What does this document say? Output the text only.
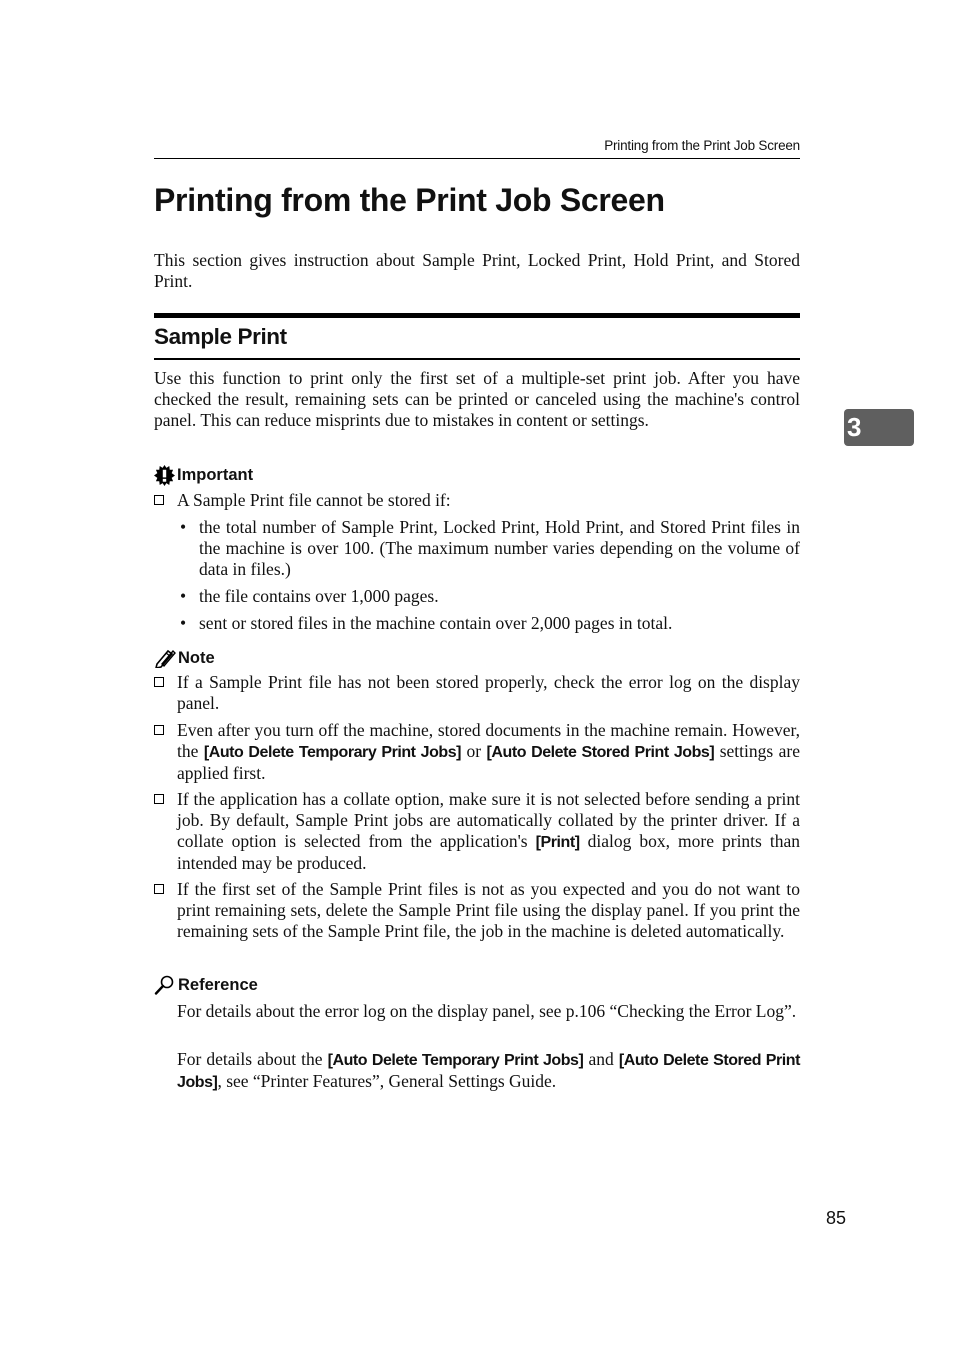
Printing from the Print Job Screen
Printing from the Print Job Screen

This section gives instruction about Sample Print, Locked Print, Hold Print, and Stored Print.

Sample Print

Use this function to print only the first set of a multiple-set print job. After you have checked the result, remaining sets can be printed or canceled using the machine's control panel. This can reduce misprints due to mistakes in content or settings.

Important
A Sample Print file cannot be stored if:
• the total number of Sample Print, Locked Print, Hold Print, and Stored Print files in the machine is over 100. (The maximum number varies depending on the volume of data in files.)
• the file contains over 1,000 pages.
• sent or stored files in the machine contain over 2,000 pages in total.
Note
If a Sample Print file has not been stored properly, check the error log on the display panel.
Even after you turn off the machine, stored documents in the machine remain. However, the [Auto Delete Temporary Print Jobs] or [Auto Delete Stored Print Jobs] settings are applied first.
If the application has a collate option, make sure it is not selected before sending a print job. By default, Sample Print jobs are automatically collated by the printer driver. If a collate option is selected from the application's [Print] dialog box, more prints than intended may be produced.
If the first set of the Sample Print files is not as you expected and you do not want to print remaining sets, delete the Sample Print file using the display panel. If you print the remaining sets of the Sample Print file, the job in the machine is deleted automatically.
Reference

For details about the error log on the display panel, see p.106 “Checking the Error Log”.

For details about the [Auto Delete Temporary Print Jobs] and [Auto Delete Stored Print Jobs], see “Printer Features”, General Settings Guide.

3
85
